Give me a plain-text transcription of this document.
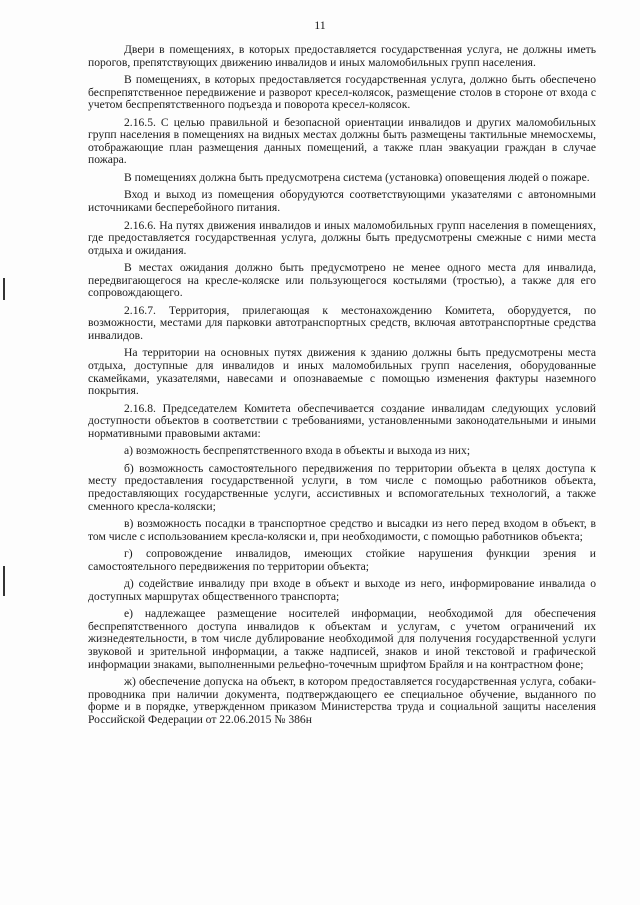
11

Двери в помещениях, в которых предоставляется государственная услуга, не должны иметь порогов, препятствующих движению инвалидов и иных маломобильных групп населения.

В помещениях, в которых предоставляется государственная услуга, должно быть обеспечено беспрепятственное передвижение и разворот кресел-колясок, размещение столов в стороне от входа с учетом беспрепятственного подъезда и поворота кресел-колясок.

2.16.5. С целью правильной и безопасной ориентации инвалидов и других маломобильных групп населения в помещениях на видных местах должны быть размещены тактильные мнемосхемы, отображающие план размещения данных помещений, а также план эвакуации граждан в случае пожара.

В помещениях должна быть предусмотрена система (установка) оповещения людей о пожаре.

Вход и выход из помещения оборудуются соответствующими указателями с автономными источниками бесперебойного питания.

2.16.6. На путях движения инвалидов и иных маломобильных групп населения в помещениях, где предоставляется государственная услуга, должны быть предусмотрены смежные с ними места отдыха и ожидания.

В местах ожидания должно быть предусмотрено не менее одного места для инвалида, передвигающегося на кресле-коляске или пользующегося костылями (тростью), а также для его сопровождающего.

2.16.7. Территория, прилегающая к местонахождению Комитета, оборудуется, по возможности, местами для парковки автотранспортных средств, включая автотранспортные средства инвалидов.

На территории на основных путях движения к зданию должны быть предусмотрены места отдыха, доступные для инвалидов и иных маломобильных групп населения, оборудованные скамейками, указателями, навесами и опознаваемые с помощью изменения фактуры наземного покрытия.

2.16.8. Председателем Комитета обеспечивается создание инвалидам следующих условий доступности объектов в соответствии с требованиями, установленными законодательными и иными нормативными правовыми актами:

а) возможность беспрепятственного входа в объекты и выхода из них;

б) возможность самостоятельного передвижения по территории объекта в целях доступа к месту предоставления государственной услуги, в том числе с помощью работников объекта, предоставляющих государственные услуги, ассистивных и вспомогательных технологий, а также сменного кресла-коляски;

в) возможность посадки в транспортное средство и высадки из него перед входом в объект, в том числе с использованием кресла-коляски и, при необходимости, с помощью работников объекта;

г) сопровождение инвалидов, имеющих стойкие нарушения функции зрения и самостоятельного передвижения по территории объекта;

д) содействие инвалиду при входе в объект и выходе из него, информирование инвалида о доступных маршрутах общественного транспорта;

е) надлежащее размещение носителей информации, необходимой для обеспечения беспрепятственного доступа инвалидов к объектам и услугам, с учетом ограничений их жизнедеятельности, в том числе дублирование необходимой для получения государственной услуги звуковой и зрительной информации, а также надписей, знаков и иной текстовой и графической информации знаками, выполненными рельефно-точечным шрифтом Брайля и на контрастном фоне;

ж) обеспечение допуска на объект, в котором предоставляется государственная услуга, собаки-проводника при наличии документа, подтверждающего ее специальное обучение, выданного по форме и в порядке, утвержденном приказом Министерства труда и социальной защиты населения Российской Федерации от 22.06.2015 № 386н
